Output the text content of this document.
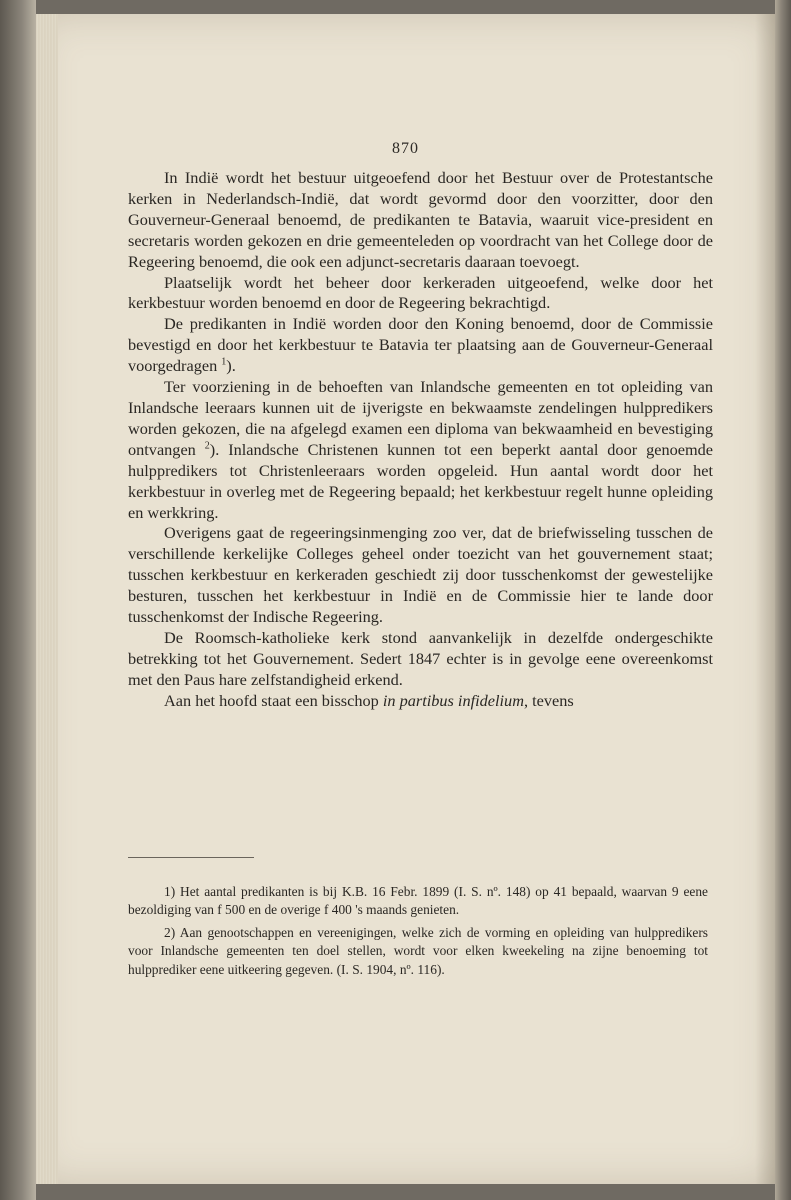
870

In Indië wordt het bestuur uitgeoefend door het Bestuur over de Protestantsche kerken in Nederlandsch-Indië, dat wordt gevormd door den voorzitter, door den Gouverneur-Generaal benoemd, de predikanten te Batavia, waaruit vice-president en secretaris worden gekozen en drie gemeenteleden op voordracht van het College door de Regeering benoemd, die ook een adjunct-secretaris daaraan toevoegt.

Plaatselijk wordt het beheer door kerkeraden uitgeoefend, welke door het kerkbestuur worden benoemd en door de Regeering bekrachtigd.

De predikanten in Indië worden door den Koning benoemd, door de Commissie bevestigd en door het kerkbestuur te Batavia ter plaatsing aan de Gouverneur-Generaal voorgedragen $^1$).

Ter voorziening in de behoeften van Inlandsche gemeenten en tot opleiding van Inlandsche leeraars kunnen uit de ijverigste en bekwaamste zendelingen hulppredikers worden gekozen, die na afgelegd examen een diploma van bekwaamheid en bevestiging ontvangen $^2$). Inlandsche Christenen kunnen tot een beperkt aantal door genoemde hulppredikers tot Christenleeraars worden opgeleid. Hun aantal wordt door het kerkbestuur in overleg met de Regeering bepaald; het kerkbestuur regelt hunne opleiding en werkkring.

Overigens gaat de regeeringsinmenging zoo ver, dat de briefwisseling tusschen de verschillende kerkelijke Colleges geheel onder toezicht van het gouvernement staat; tusschen kerkbestuur en kerkeraden geschiedt zij door tusschenkomst der gewestelijke besturen, tusschen het kerkbestuur in Indië en de Commissie hier te lande door tusschenkomst der Indische Regeering.

De Roomsch-katholieke kerk stond aanvankelijk in dezelfde ondergeschikte betrekking tot het Gouvernement. Sedert 1847 echter is in gevolge eene overeenkomst met den Paus hare zelfstandigheid erkend.

Aan het hoofd staat een bisschop in partibus infidelium, tevens

1) Het aantal predikanten is bij K.B. 16 Febr. 1899 (I. S. nº. 148) op 41 bepaald, waarvan 9 eene bezoldiging van f 500 en de overige f 400 's maands genieten.

2) Aan genootschappen en vereenigingen, welke zich de vorming en opleiding van hulppredikers voor Inlandsche gemeenten ten doel stellen, wordt voor elken kweekeling na zijne benoeming tot hulpprediker eene uitkeering gegeven. (I. S. 1904, nº. 116).
